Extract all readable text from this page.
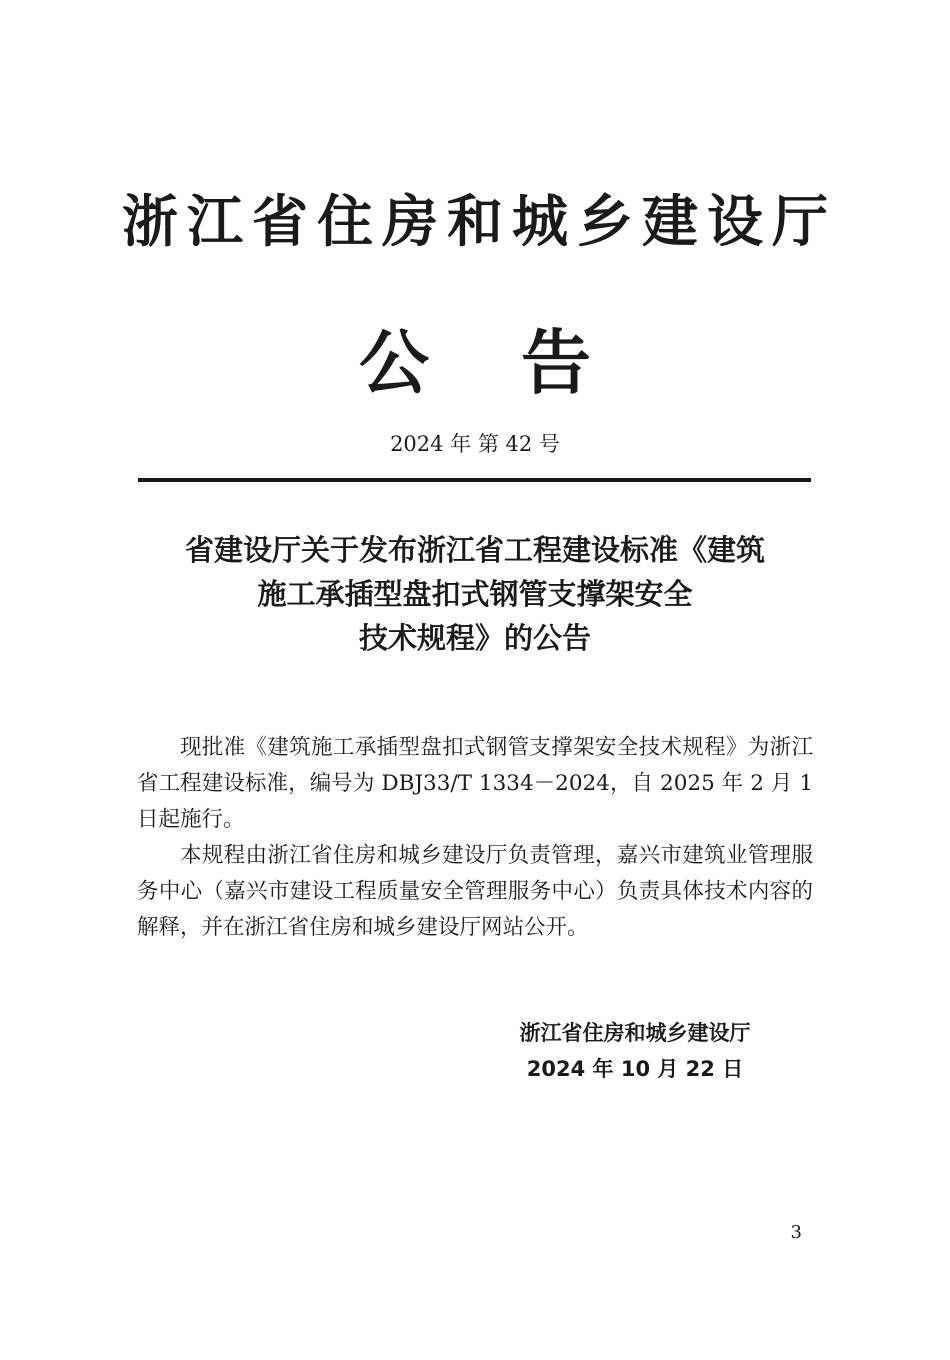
浙江省住房和城乡建设厅
公 告
2024 年 第 42 号
省建设厅关于发布浙江省工程建设标准《建筑
施工承插型盘扣式钢管支撑架安全
技术规程》的公告

现批准《建筑施工承插型盘扣式钢管支撑架安全技术规程》为浙江省工程建设标准，编号为 DBJ33/T 1334－2024，自 2025 年 2 月 1 日起施行。

本规程由浙江省住房和城乡建设厅负责管理，嘉兴市建筑业管理服务中心（嘉兴市建设工程质量安全管理服务中心）负责具体技术内容的解释，并在浙江省住房和城乡建设厅网站公开。

浙江省住房和城乡建设厅
2024 年 10 月 22 日
3
